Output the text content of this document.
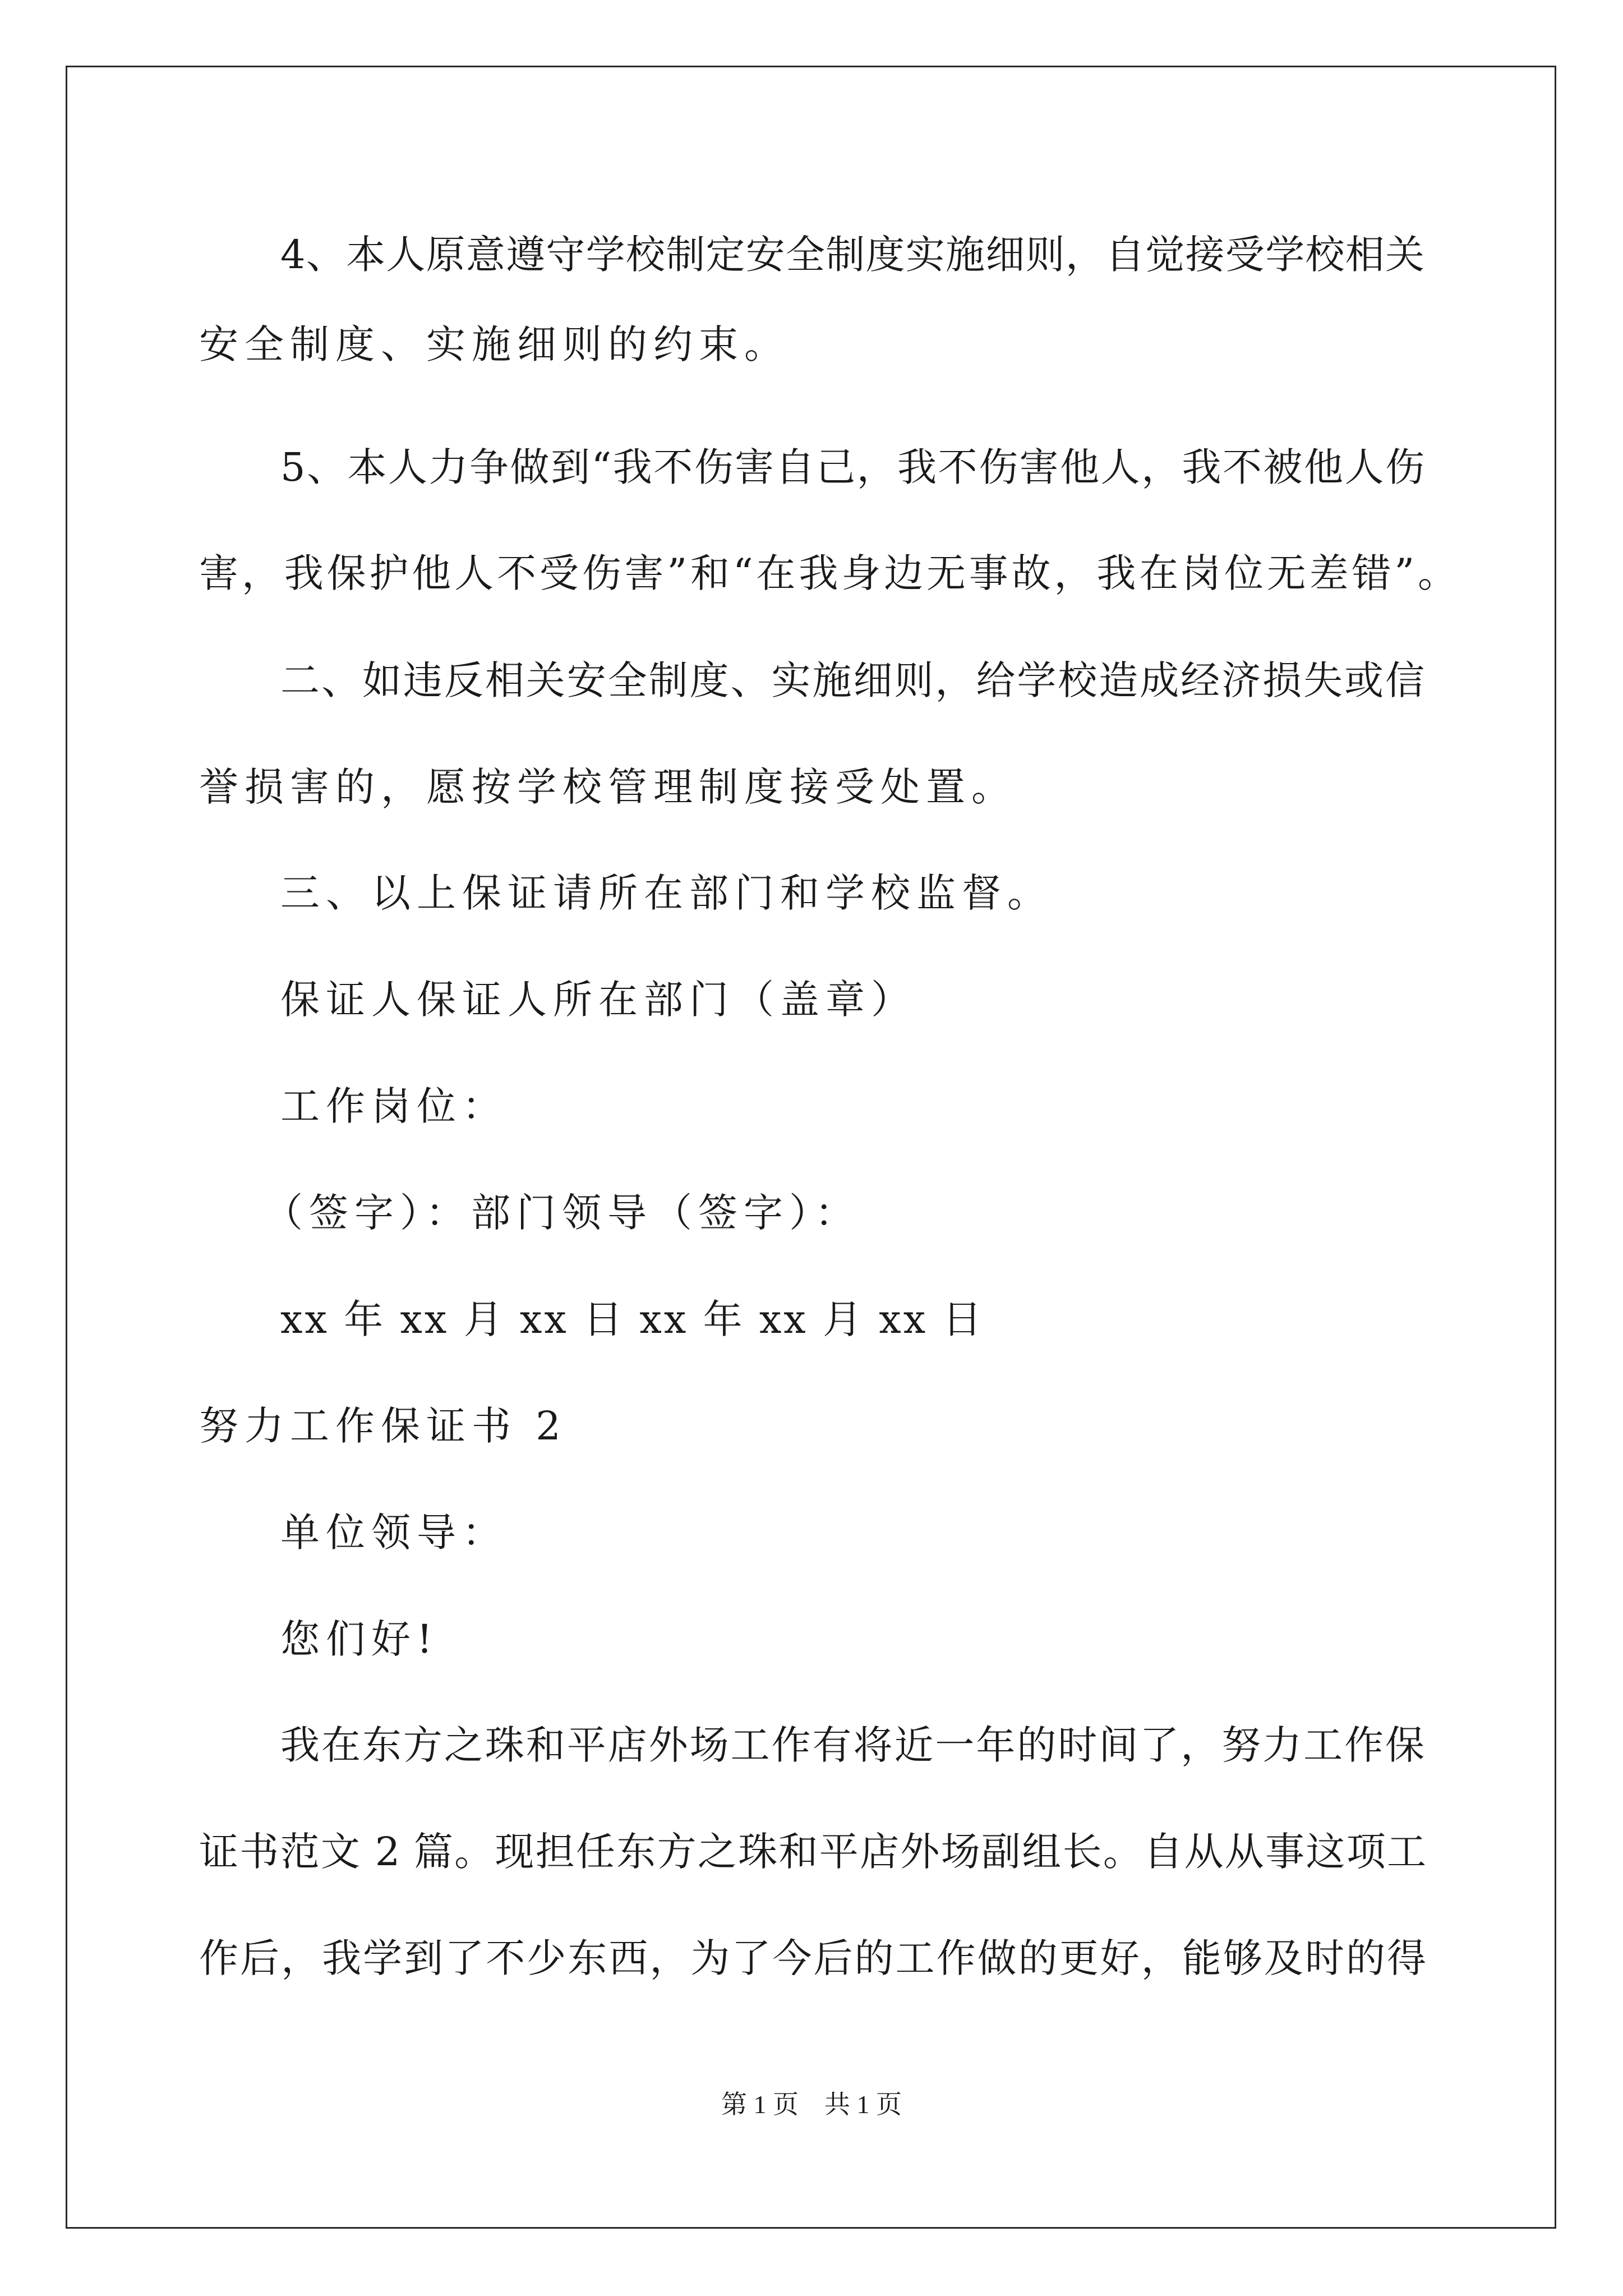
4、本人原意遵守学校制定安全制度实施细则，自觉接受学校相关

安全制度、实施细则的约束。

5、本人力争做到“我不伤害自己，我不伤害他人，我不被他人伤

害，我保护他人不受伤害”和“在我身边无事故，我在岗位无差错”。

二、如违反相关安全制度、实施细则，给学校造成经济损失或信

誉损害的，愿按学校管理制度接受处置。

三、以上保证请所在部门和学校监督。

保证人保证人所在部门（盖章）

工作岗位：

（签字）：部门领导（签字）：

xx 年 xx 月 xx 日 xx 年 xx 月 xx 日

努力工作保证书 2

单位领导：

您们好!

我在东方之珠和平店外场工作有将近一年的时间了，努力工作保

证书范文 2 篇。现担任东方之珠和平店外场副组长。自从从事这项工

作后，我学到了不少东西，为了今后的工作做的更好，能够及时的得

第 1 页    共 1 页
